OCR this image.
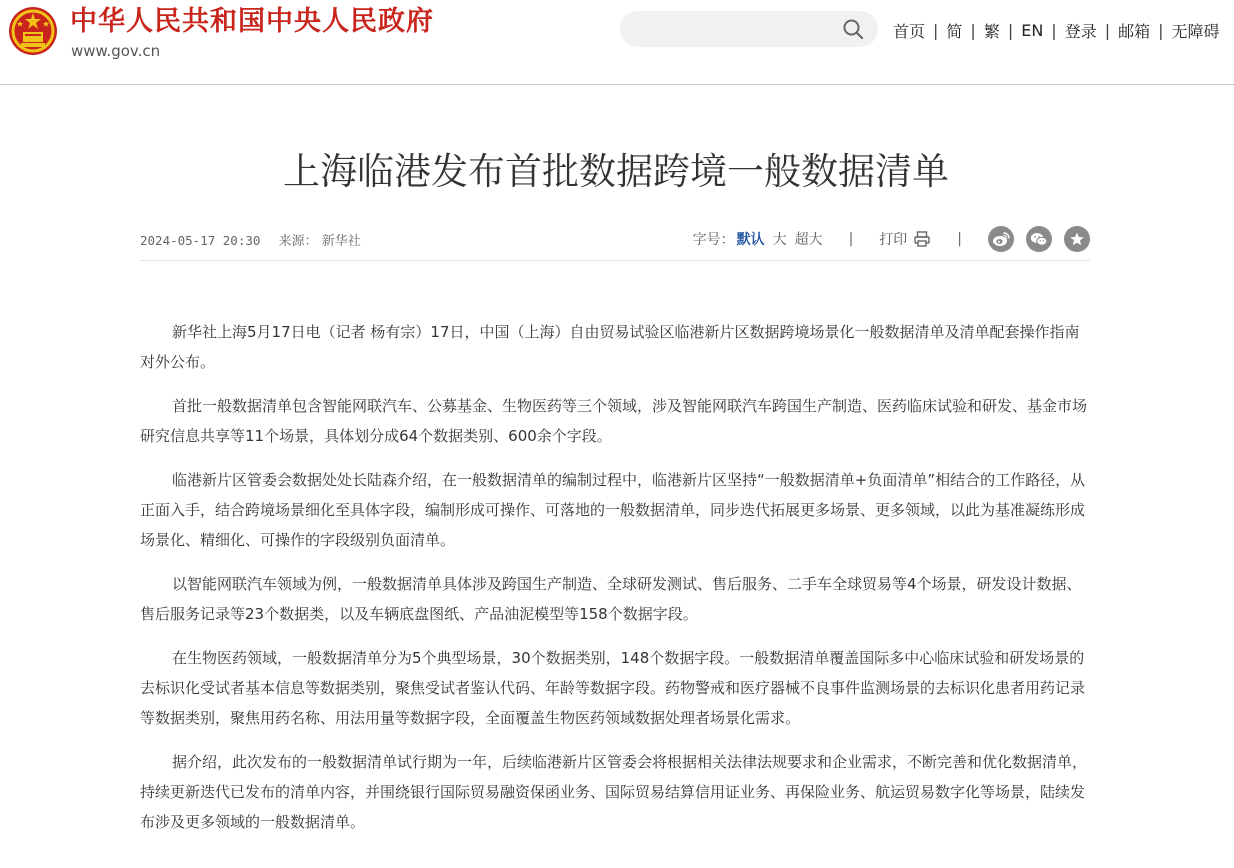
中华人民共和国中央人民政府
www.gov.cn
首页 | 简 | 繁 | EN | 登录 | 邮箱 | 无障碍
上海临港发布首批数据跨境一般数据清单
2024-05-17 20:30 来源： 新华社	字号： 默认 大 超大 | 打印	|

新华社上海5月17日电（记者 杨有宗）17日，中国（上海）自由贸易试验区临港新片区数据跨境场景化一般数据清单及清单配套操作指南对外公布。

首批一般数据清单包含智能网联汽车、公募基金、生物医药等三个领域，涉及智能网联汽车跨国生产制造、医药临床试验和研发、基金市场研究信息共享等11个场景，具体划分成64个数据类别、600余个字段。

临港新片区管委会数据处处长陆森介绍，在一般数据清单的编制过程中，临港新片区坚持“一般数据清单+负面清单”相结合的工作路径，从正面入手，结合跨境场景细化至具体字段，编制形成可操作、可落地的一般数据清单，同步迭代拓展更多场景、更多领域，以此为基准凝练形成场景化、精细化、可操作的字段级别负面清单。

以智能网联汽车领域为例，一般数据清单具体涉及跨国生产制造、全球研发测试、售后服务、二手车全球贸易等4个场景，研发设计数据、售后服务记录等23个数据类，以及车辆底盘图纸、产品油泥模型等158个数据字段。

在生物医药领域，一般数据清单分为5个典型场景，30个数据类别，148个数据字段。一般数据清单覆盖国际多中心临床试验和研发场景的去标识化受试者基本信息等数据类别，聚焦受试者鉴认代码、年龄等数据字段。药物警戒和医疗器械不良事件监测场景的去标识化患者用药记录等数据类别，聚焦用药名称、用法用量等数据字段，全面覆盖生物医药领域数据处理者场景化需求。

据介绍，此次发布的一般数据清单试行期为一年，后续临港新片区管委会将根据相关法律法规要求和企业需求，不断完善和优化数据清单，持续更新迭代已发布的清单内容，并围绕银行国际贸易融资保函业务、国际贸易结算信用证业务、再保险业务、航运贸易数字化等场景，陆续发布涉及更多领域的一般数据清单。
